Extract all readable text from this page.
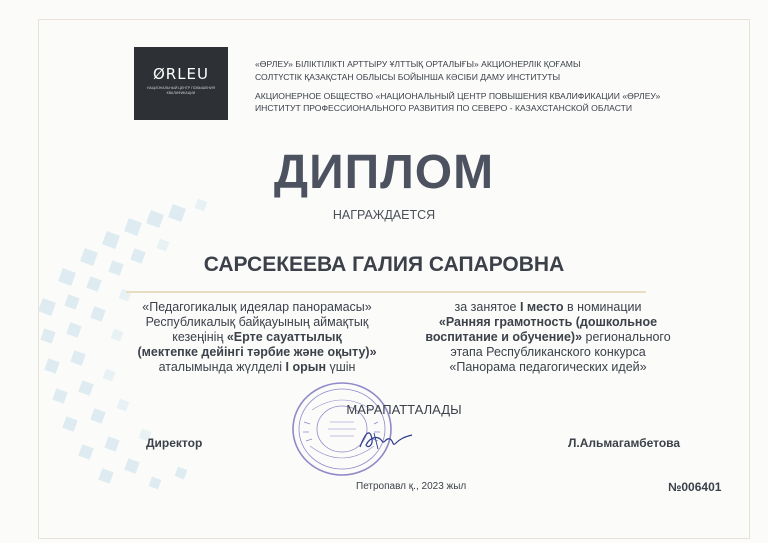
ØRLEU
НАЦИОНАЛЬНЫЙ ЦЕНТР ПОВЫШЕНИЯ КВАЛИФИКАЦИИ
«ӨРЛЕУ» БІЛІКТІЛІКТІ АРТТЫРУ ҰЛТТЫҚ ОРТАЛЫҒЫ» АКЦИОНЕРЛІК ҚОҒАМЫ
СОЛТҮСТІК ҚАЗАҚСТАН ОБЛЫСЫ БОЙЫНША КӘСІБИ ДАМУ ИНСТИТУТЫ
АКЦИОНЕРНОЕ ОБЩЕСТВО «НАЦИОНАЛЬНЫЙ ЦЕНТР ПОВЫШЕНИЯ КВАЛИФИКАЦИИ «ӨРЛЕУ»
ИНСТИТУТ ПРОФЕССИОНАЛЬНОГО РАЗВИТИЯ ПО СЕВЕРО - КАЗАХСТАНСКОЙ ОБЛАСТИ
ДИПЛОМ
НАГРАЖДАЕТСЯ
САРСЕКЕЕВА ГАЛИЯ САПАРОВНА
«Педагогикалық идеялар панорамасы»
Республикалық байқауының аймақтық
кезеңінің «Ерте сауаттылық
(мектепке дейінгі тәрбие және оқыту)»
аталымында жүлделі I орын үшін
за занятое I место в номинации
«Ранняя грамотность (дошкольное
воспитание и обучение)» регионального
этапа Республиканского конкурса
«Панорама педагогических идей»
МАРАПАТТАЛАДЫ
Директор	Л.Альмагамбетова
Петропавл қ., 2023 жыл	№006401
